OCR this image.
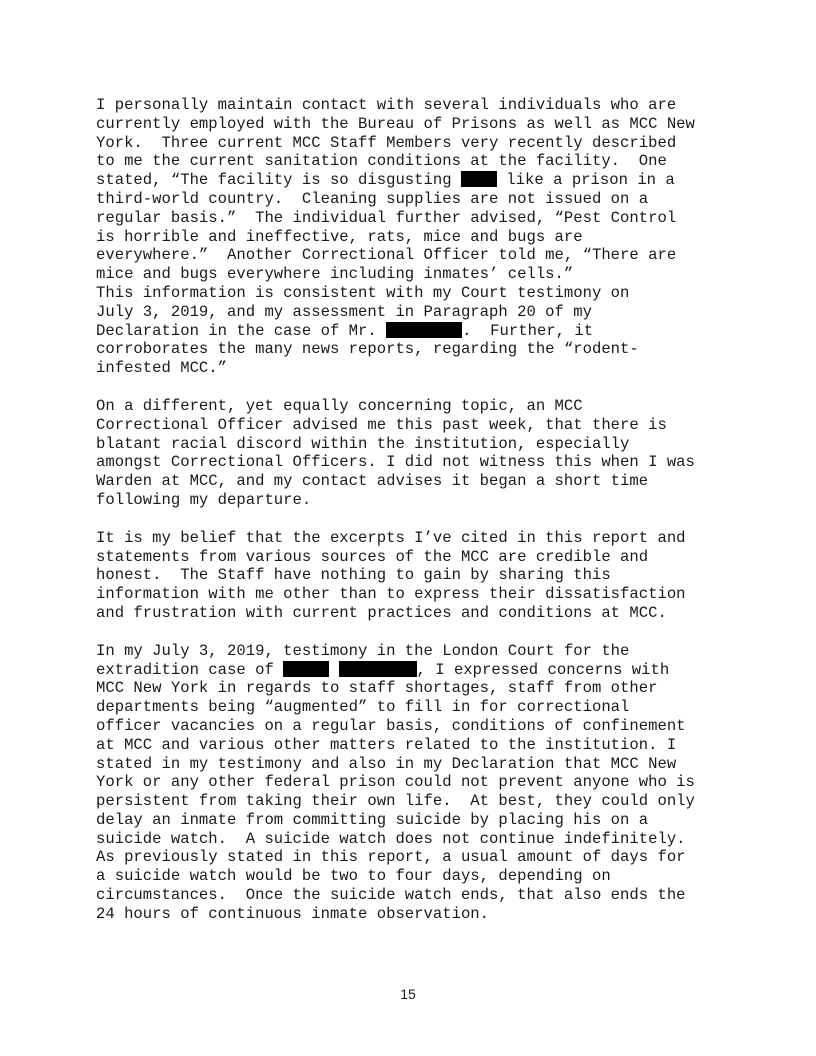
I personally maintain contact with several individuals who are
currently employed with the Bureau of Prisons as well as MCC New
York.  Three current MCC Staff Members very recently described
to me the current sanitation conditions at the facility.  One
stated, “The facility is so disgusting  like a prison in a
third-world country.  Cleaning supplies are not issued on a
regular basis.”  The individual further advised, “Pest Control
is horrible and ineffective, rats, mice and bugs are
everywhere.”  Another Correctional Officer told me, “There are
mice and bugs everywhere including inmates’ cells.”
This information is consistent with my Court testimony on
July 3, 2019, and my assessment in Paragraph 20 of my
Declaration in the case of Mr.	.  Further, it
corroborates the many news reports, regarding the “rodent-
infested MCC.”
On a different, yet equally concerning topic, an MCC
Correctional Officer advised me this past week, that there is
blatant racial discord within the institution, especially
amongst Correctional Officers. I did not witness this when I was
Warden at MCC, and my contact advises it began a short time
following my departure.
It is my belief that the excerpts I’ve cited in this report and
statements from various sources of the MCC are credible and
honest.  The Staff have nothing to gain by sharing this
information with me other than to express their dissatisfaction
and frustration with current practices and conditions at MCC.
In my July 3, 2019, testimony in the London Court for the
extradition case of	, I expressed concerns with
MCC New York in regards to staff shortages, staff from other
departments being “augmented” to fill in for correctional
officer vacancies on a regular basis, conditions of confinement
at MCC and various other matters related to the institution. I
stated in my testimony and also in my Declaration that MCC New
York or any other federal prison could not prevent anyone who is
persistent from taking their own life.  At best, they could only
delay an inmate from committing suicide by placing his on a
suicide watch.  A suicide watch does not continue indefinitely.
As previously stated in this report, a usual amount of days for
a suicide watch would be two to four days, depending on
circumstances.  Once the suicide watch ends, that also ends the
24 hours of continuous inmate observation.
15
